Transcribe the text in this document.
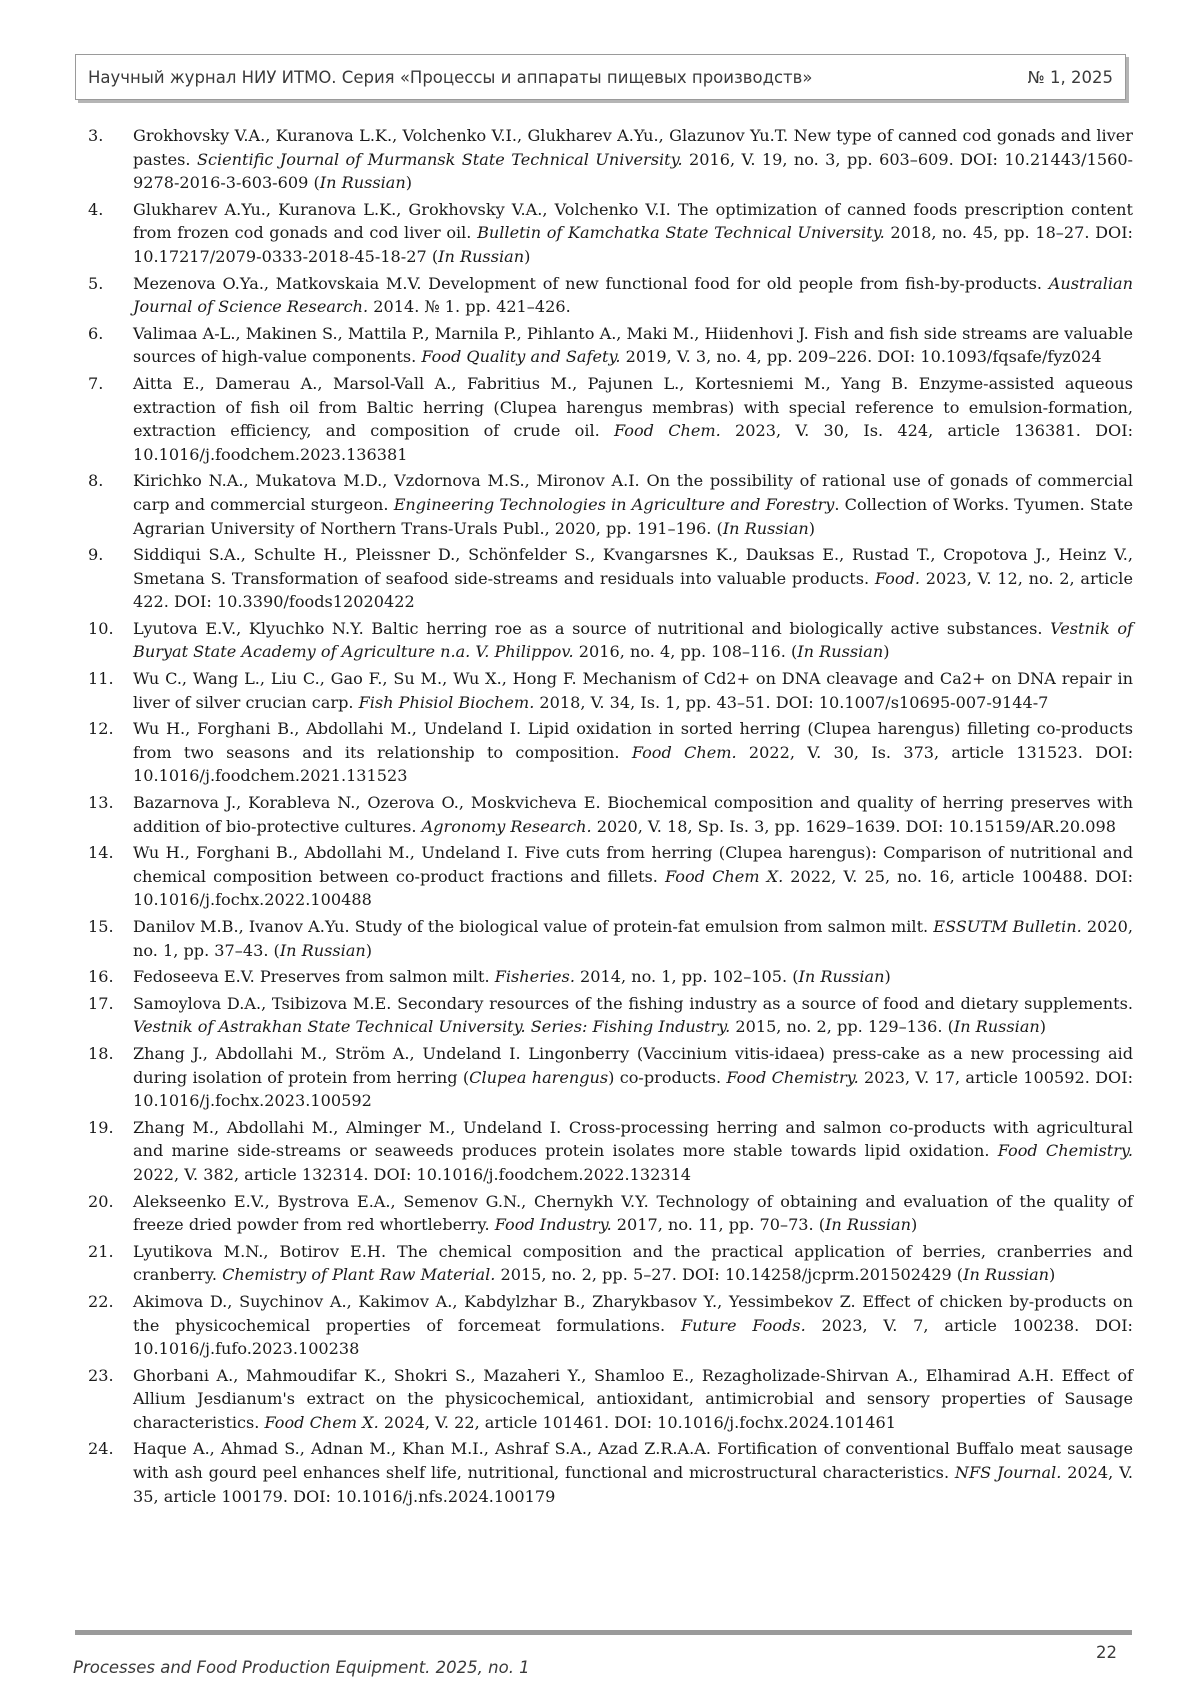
Научный журнал НИУ ИТМО. Серия «Процессы и аппараты пищевых производств»	№ 1, 2025
3. Grokhovsky V.A., Kuranova L.K., Volchenko V.I., Glukharev A.Yu., Glazunov Yu.T. New type of canned cod gonads and liver pastes. Scientific Journal of Murmansk State Technical University. 2016, V. 19, no. 3, pp. 603–609. DOI: 10.21443/1560-9278-2016-3-603-609 (In Russian)
4. Glukharev A.Yu., Kuranova L.K., Grokhovsky V.A., Volchenko V.I. The optimization of canned foods prescription content from frozen cod gonads and cod liver oil. Bulletin of Kamchatka State Technical University. 2018, no. 45, pp. 18–27. DOI: 10.17217/2079-0333-2018-45-18-27 (In Russian)
5. Mezenova O.Ya., Matkovskaia M.V. Development of new functional food for old people from fish-by-products. Australian Journal of Science Research. 2014. № 1. pp. 421–426.
6. Valimaa A-L., Makinen S., Mattila P., Marnila P., Pihlanto A., Maki M., Hiidenhovi J. Fish and fish side streams are valuable sources of high-value components. Food Quality and Safety. 2019, V. 3, no. 4, pp. 209–226. DOI: 10.1093/fqsafe/fyz024
7. Aitta E., Damerau A., Marsol-Vall A., Fabritius M., Pajunen L., Kortesniemi M., Yang B. Enzyme-assisted aqueous extraction of fish oil from Baltic herring (Clupea harengus membras) with special reference to emulsion-formation, extraction efficiency, and composition of crude oil. Food Chem. 2023, V. 30, Is. 424, article 136381. DOI: 10.1016/j.foodchem.2023.136381
8. Kirichko N.A., Mukatova M.D., Vzdornova M.S., Mironov A.I. On the possibility of rational use of gonads of commercial carp and commercial sturgeon. Engineering Technologies in Agriculture and Forestry. Collection of Works. Tyumen. State Agrarian University of Northern Trans-Urals Publ., 2020, pp. 191–196. (In Russian)
9. Siddiqui S.A., Schulte H., Pleissner D., Schönfelder S., Kvangarsnes K., Dauksas E., Rustad T., Cropotova J., Heinz V., Smetana S. Transformation of seafood side-streams and residuals into valuable products. Food. 2023, V. 12, no. 2, article 422. DOI: 10.3390/foods12020422
10. Lyutova E.V., Klyuchko N.Y. Baltic herring roe as a source of nutritional and biologically active substances. Vestnik of Buryat State Academy of Agriculture n.a. V. Philippov. 2016, no. 4, pp. 108–116. (In Russian)
11. Wu C., Wang L., Liu C., Gao F., Su M., Wu X., Hong F. Mechanism of Cd2+ on DNA cleavage and Ca2+ on DNA repair in liver of silver crucian carp. Fish Phisiol Biochem. 2018, V. 34, Is. 1, pp. 43–51. DOI: 10.1007/s10695-007-9144-7
12. Wu H., Forghani B., Abdollahi M., Undeland I. Lipid oxidation in sorted herring (Clupea harengus) filleting co-products from two seasons and its relationship to composition. Food Chem. 2022, V. 30, Is. 373, article 131523. DOI: 10.1016/j.foodchem.2021.131523
13. Bazarnova J., Korableva N., Ozerova O., Moskvicheva E. Biochemical composition and quality of herring preserves with addition of bio-protective cultures. Agronomy Research. 2020, V. 18, Sp. Is. 3, pp. 1629–1639. DOI: 10.15159/AR.20.098
14. Wu H., Forghani B., Abdollahi M., Undeland I. Five cuts from herring (Clupea harengus): Comparison of nutritional and chemical composition between co-product fractions and fillets. Food Chem X. 2022, V. 25, no. 16, article 100488. DOI: 10.1016/j.fochx.2022.100488
15. Danilov M.B., Ivanov A.Yu. Study of the biological value of protein-fat emulsion from salmon milt. ESSUTM Bulletin. 2020, no. 1, pp. 37–43. (In Russian)
16. Fedoseeva E.V. Preserves from salmon milt. Fisheries. 2014, no. 1, pp. 102–105. (In Russian)
17. Samoylova D.A., Tsibizova M.E. Secondary resources of the fishing industry as a source of food and dietary supplements. Vestnik of Astrakhan State Technical University. Series: Fishing Industry. 2015, no. 2, pp. 129–136. (In Russian)
18. Zhang J., Abdollahi M., Ström A., Undeland I. Lingonberry (Vaccinium vitis-idaea) press-cake as a new processing aid during isolation of protein from herring (Clupea harengus) co-products. Food Chemistry. 2023, V. 17, article 100592. DOI: 10.1016/j.fochx.2023.100592
19. Zhang M., Abdollahi M., Alminger M., Undeland I. Cross-processing herring and salmon co-products with agricultural and marine side-streams or seaweeds produces protein isolates more stable towards lipid oxidation. Food Chemistry. 2022, V. 382, article 132314. DOI: 10.1016/j.foodchem.2022.132314
20. Alekseenko E.V., Bystrova E.A., Semenov G.N., Chernykh V.Y. Technology of obtaining and evaluation of the quality of freeze dried powder from red whortleberry. Food Industry. 2017, no. 11, pp. 70–73. (In Russian)
21. Lyutikova M.N., Botirov E.H. The chemical composition and the practical application of berries, cranberries and cranberry. Chemistry of Plant Raw Material. 2015, no. 2, pp. 5–27. DOI: 10.14258/jcprm.201502429 (In Russian)
22. Akimova D., Suychinov A., Kakimov A., Kabdylzhar B., Zharykbasov Y., Yessimbekov Z. Effect of chicken by-products on the physicochemical properties of forcemeat formulations. Future Foods. 2023, V. 7, article 100238. DOI: 10.1016/j.fufo.2023.100238
23. Ghorbani A., Mahmoudifar K., Shokri S., Mazaheri Y., Shamloo E., Rezagholizade-Shirvan A., Elhamirad A.H. Effect of Allium Jesdianum's extract on the physicochemical, antioxidant, antimicrobial and sensory properties of Sausage characteristics. Food Chem X. 2024, V. 22, article 101461. DOI: 10.1016/j.fochx.2024.101461
24. Haque A., Ahmad S., Adnan M., Khan M.I., Ashraf S.A., Azad Z.R.A.A. Fortification of conventional Buffalo meat sausage with ash gourd peel enhances shelf life, nutritional, functional and microstructural characteristics. NFS Journal. 2024, V. 35, article 100179. DOI: 10.1016/j.nfs.2024.100179
Processes and Food Production Equipment. 2025, no. 1
22
